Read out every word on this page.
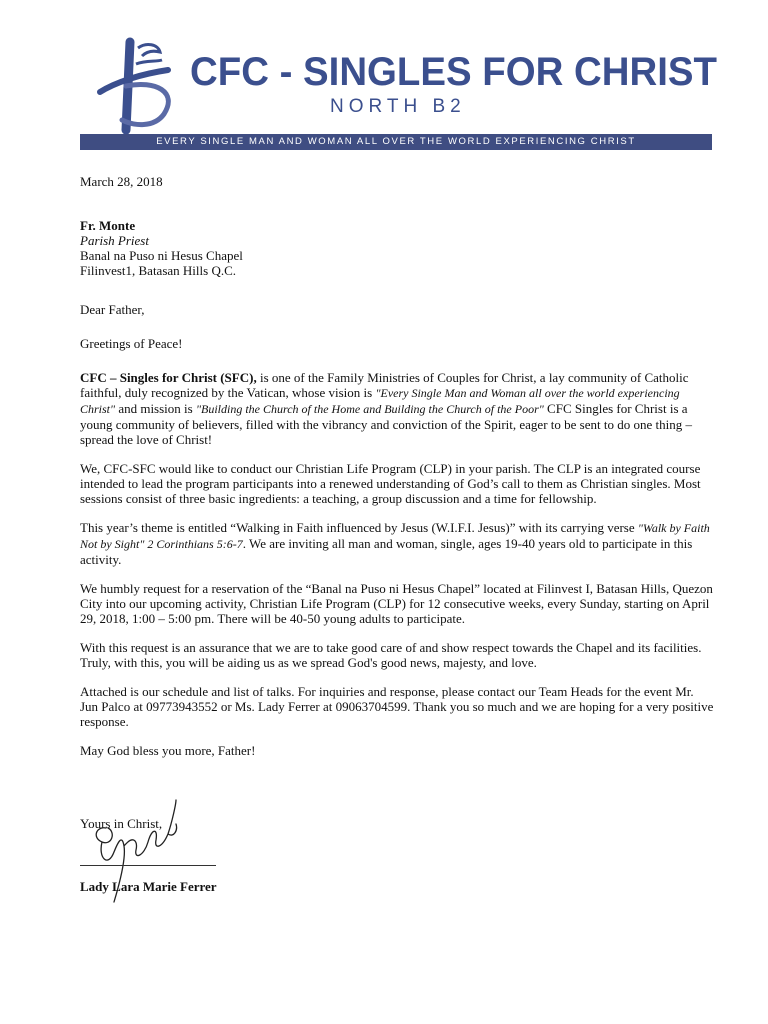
CFC - SINGLES FOR CHRIST
NORTH B2
EVERY SINGLE MAN AND WOMAN ALL OVER THE WORLD EXPERIENCING CHRIST

March 28, 2018

Fr. Monte

Parish Priest

Banal na Puso ni Hesus Chapel

Filinvest1, Batasan Hills Q.C.

Dear Father,

Greetings of Peace!

CFC – Singles for Christ (SFC), is one of the Family Ministries of Couples for Christ, a lay community of Catholic faithful, duly recognized by the Vatican, whose vision is "Every Single Man and Woman all over the world experiencing Christ" and mission is "Building the Church of the Home and Building the Church of the Poor" CFC Singles for Christ is a young community of believers, filled with the vibrancy and conviction of the Spirit, eager to be sent to do one thing – spread the love of Christ!

We, CFC-SFC would like to conduct our Christian Life Program (CLP) in your parish. The CLP is an integrated course intended to lead the program participants into a renewed understanding of God’s call to them as Christian singles. Most sessions consist of three basic ingredients: a teaching, a group discussion and a time for fellowship.

This year’s theme is entitled “Walking in Faith influenced by Jesus (W.I.F.I. Jesus)” with its carrying verse "Walk by Faith Not by Sight" 2 Corinthians 5:6-7. We are inviting all man and woman, single, ages 19-40 years old to participate in this activity.

We humbly request for a reservation of the “Banal na Puso ni Hesus Chapel” located at Filinvest I, Batasan Hills, Quezon City into our upcoming activity, Christian Life Program (CLP) for 12 consecutive weeks, every Sunday, starting on April 29, 2018, 1:00 – 5:00 pm. There will be 40-50 young adults to participate.

With this request is an assurance that we are to take good care of and show respect towards the Chapel and its facilities. Truly, with this, you will be aiding us as we spread God's good news, majesty, and love.

Attached is our schedule and list of talks. For inquiries and response, please contact our Team Heads for the event Mr. Jun Palco at 09773943552 or Ms. Lady Ferrer at 09063704599. Thank you so much and we are hoping for a very positive response.

May God bless you more, Father!

Yours in Christ,

Lady Lara Marie Ferrer
